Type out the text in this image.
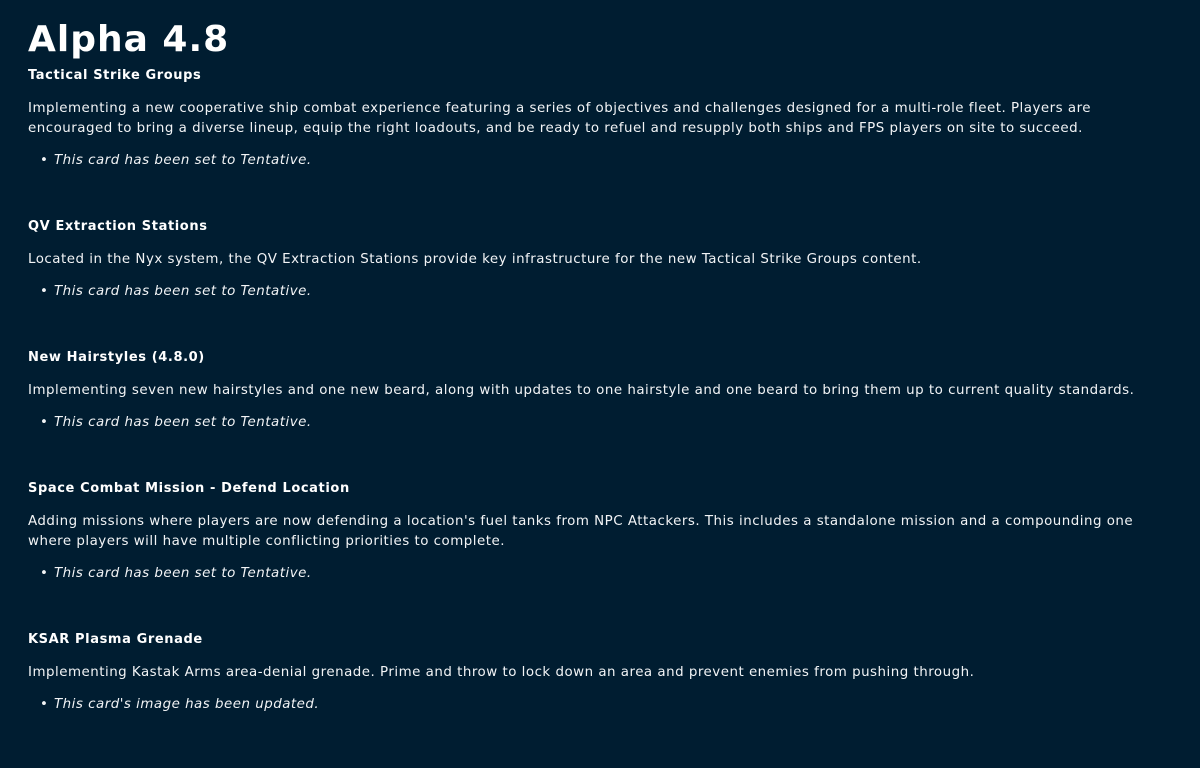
Alpha 4.8
Tactical Strike Groups

Implementing a new cooperative ship combat experience featuring a series of objectives and challenges designed for a multi-role fleet. Players are encouraged to bring a diverse lineup, equip the right loadouts, and be ready to refuel and resupply both ships and FPS players on site to succeed.

• This card has been set to Tentative.
QV Extraction Stations

Located in the Nyx system, the QV Extraction Stations provide key infrastructure for the new Tactical Strike Groups content.

• This card has been set to Tentative.
New Hairstyles (4.8.0)

Implementing seven new hairstyles and one new beard, along with updates to one hairstyle and one beard to bring them up to current quality standards.

• This card has been set to Tentative.
Space Combat Mission - Defend Location

Adding missions where players are now defending a location's fuel tanks from NPC Attackers. This includes a standalone mission and a compounding one where players will have multiple conflicting priorities to complete.

• This card has been set to Tentative.
KSAR Plasma Grenade

Implementing Kastak Arms area-denial grenade. Prime and throw to lock down an area and prevent enemies from pushing through.

• This card's image has been updated.
